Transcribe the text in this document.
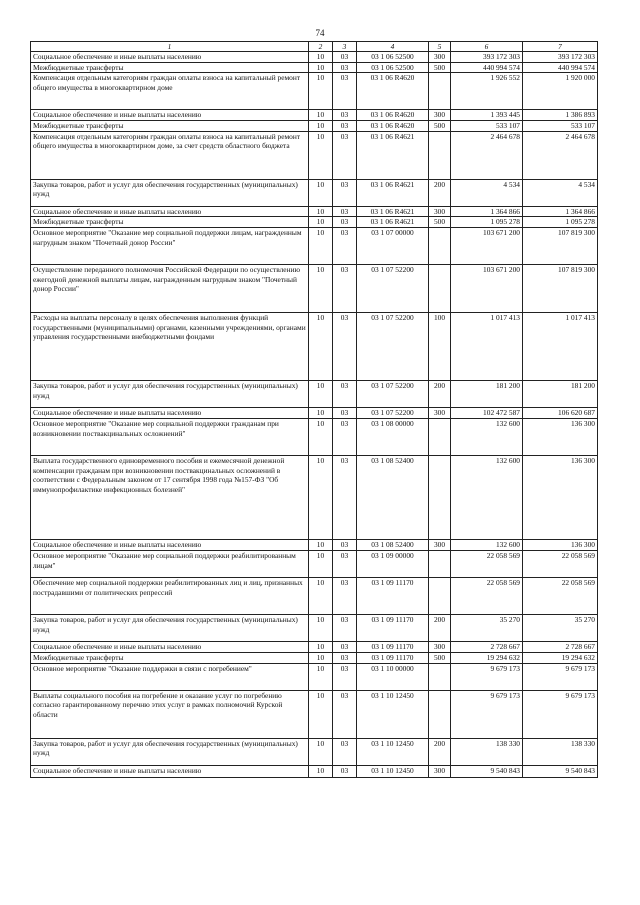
74
1	2	3	4	5	6	7
Социальное обеспечение и иные выплаты населению	10	03	03 1 06 52500	300	393 172 303	393 172 303
Межбюджетные трансферты	10	03	03 1 06 52500	500	440 994 574	440 994 574
Компенсация отдельным категориям граждан оплаты взноса на капитальный ремонт общего имущества в многоквартирном доме	10	03	03 1 06 R4620		1 926 552	1 920 000
Социальное обеспечение и иные выплаты населению	10	03	03 1 06 R4620	300	1 393 445	1 386 893
Межбюджетные трансферты	10	03	03 1 06 R4620	500	533 107	533 107
Компенсация отдельным категориям граждан оплаты взноса на капитальный ремонт общего имущества в многоквартирном доме, за счет средств областного бюджета	10	03	03 1 06 R4621		2 464 678	2 464 678
Закупка товаров, работ и услуг для обеспечения государственных (муниципальных) нужд	10	03	03 1 06 R4621	200	4 534	4 534
Социальное обеспечение и иные выплаты населению	10	03	03 1 06 R4621	300	1 364 866	1 364 866
Межбюджетные трансферты	10	03	03 1 06 R4621	500	1 095 278	1 095 278
Основное мероприятие "Оказание мер социальной поддержки лицам, награжденным нагрудным знаком "Почетный донор России"	10	03	03 1 07 00000		103 671 200	107 819 300
Осуществление переданного полномочия Российской Федерации по осуществлению ежегодной денежной выплаты лицам, награжденным нагрудным знаком "Почетный донор России"	10	03	03 1 07 52200		103 671 200	107 819 300
Расходы на выплаты персоналу в целях обеспечения выполнения функций государственными (муниципальными) органами, казенными учреждениями, органами управления государственными внебюджетными фондами	10	03	03 1 07 52200	100	1 017 413	1 017 413
Закупка товаров, работ и услуг для обеспечения государственных (муниципальных) нужд	10	03	03 1 07 52200	200	181 200	181 200
Социальное обеспечение и иные выплаты населению	10	03	03 1 07 52200	300	102 472 587	106 620 687
Основное мероприятие "Оказание мер социальной поддержки гражданам при возникновении поствакцинальных осложнений"	10	03	03 1 08 00000		132 600	136 300
Выплата государственного единовременного пособия и ежемесячной денежной компенсации гражданам при возникновении поствакцинальных осложнений в соответствии с Федеральным законом от 17 сентября 1998 года №157-ФЗ "Об иммунопрофилактике инфекционных болезней"	10	03	03 1 08 52400		132 600	136 300
Социальное обеспечение и иные выплаты населению	10	03	03 1 08 52400	300	132 600	136 300
Основное мероприятие "Оказание мер социальной поддержки реабилитированным лицам"	10	03	03 1 09 00000		22 058 569	22 058 569
Обеспечение мер социальной поддержки реабилитированных лиц и лиц, признанных пострадавшими от политических репрессий	10	03	03 1 09 11170		22 058 569	22 058 569
Закупка товаров, работ и услуг для обеспечения государственных (муниципальных) нужд	10	03	03 1 09 11170	200	35 270	35 270
Социальное обеспечение и иные выплаты населению	10	03	03 1 09 11170	300	2 728 667	2 728 667
Межбюджетные трансферты	10	03	03 1 09 11170	500	19 294 632	19 294 632
Основное мероприятие "Оказание поддержки в связи с погребением"	10	03	03 1 10 00000		9 679 173	9 679 173
Выплаты социального пособия на погребение и оказание услуг по погребению согласно гарантированному перечню этих услуг в рамках полномочий Курской области	10	03	03 1 10 12450		9 679 173	9 679 173
Закупка товаров, работ и услуг для обеспечения государственных (муниципальных) нужд	10	03	03 1 10 12450	200	138 330	138 330
Социальное обеспечение и иные выплаты населению	10	03	03 1 10 12450	300	9 540 843	9 540 843
